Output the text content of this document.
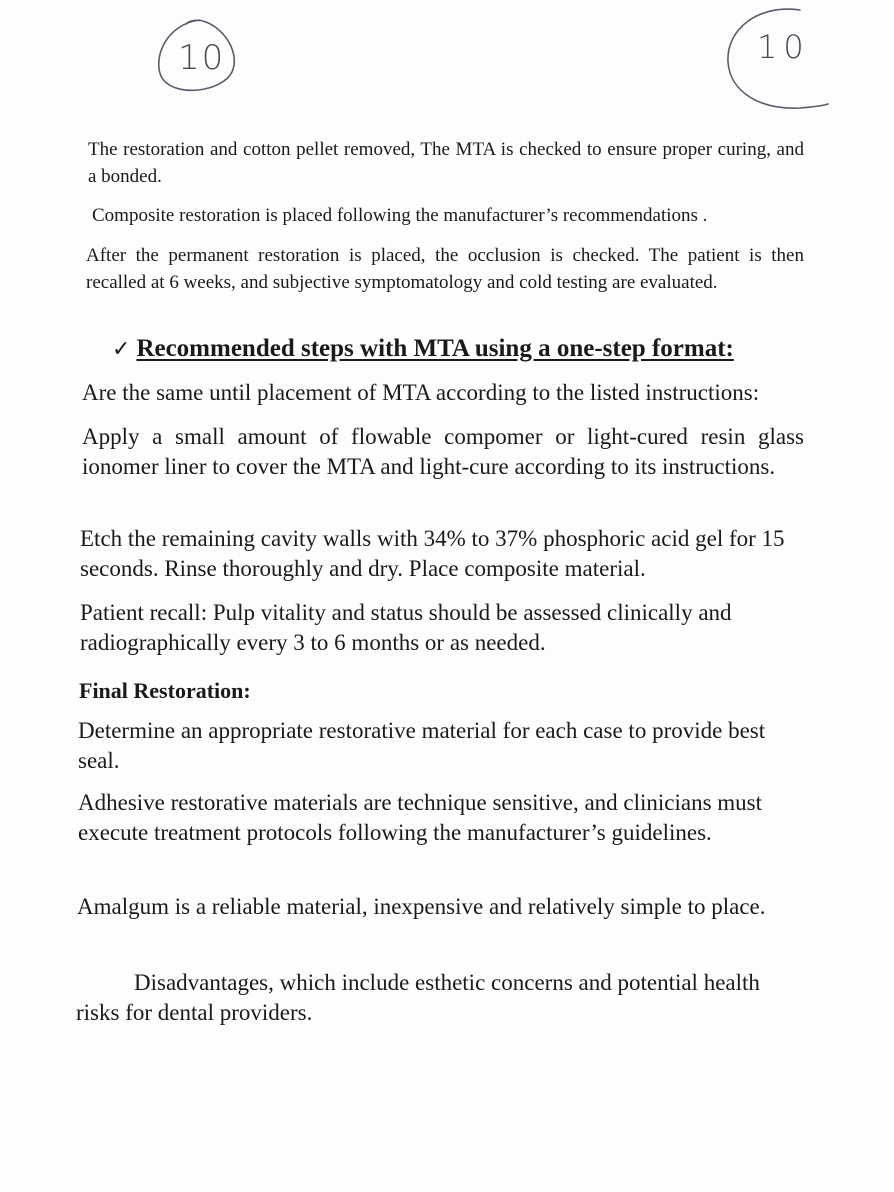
10	10

The restoration and cotton pellet removed, The MTA is checked to ensure proper curing, and a bonded.

Composite restoration is placed following the manufacturer’s recommendations .

After the permanent restoration is placed, the occlusion is checked. The patient is then recalled at 6 weeks, and subjective symptomatology and cold testing are evaluated.

✓ Recommended steps with MTA using a one-step format:

Are the same until placement of MTA according to the listed instructions:

Apply a small amount of flowable compomer or light-cured resin glass ionomer liner to cover the MTA and light-cure according to its instructions.

Etch the remaining cavity walls with 34% to 37% phosphoric acid gel for 15 seconds. Rinse thoroughly and dry. Place composite material.

Patient recall: Pulp vitality and status should be assessed clinically and radiographically every 3 to 6 months or as needed.

Final Restoration:

Determine an appropriate restorative material for each case to provide best seal.

Adhesive restorative materials are technique sensitive, and clinicians must execute treatment protocols following the manufacturer’s guidelines.

Amalgum is a reliable material, inexpensive and relatively simple to place.

Disadvantages, which include esthetic concerns and potential health risks for dental providers.
